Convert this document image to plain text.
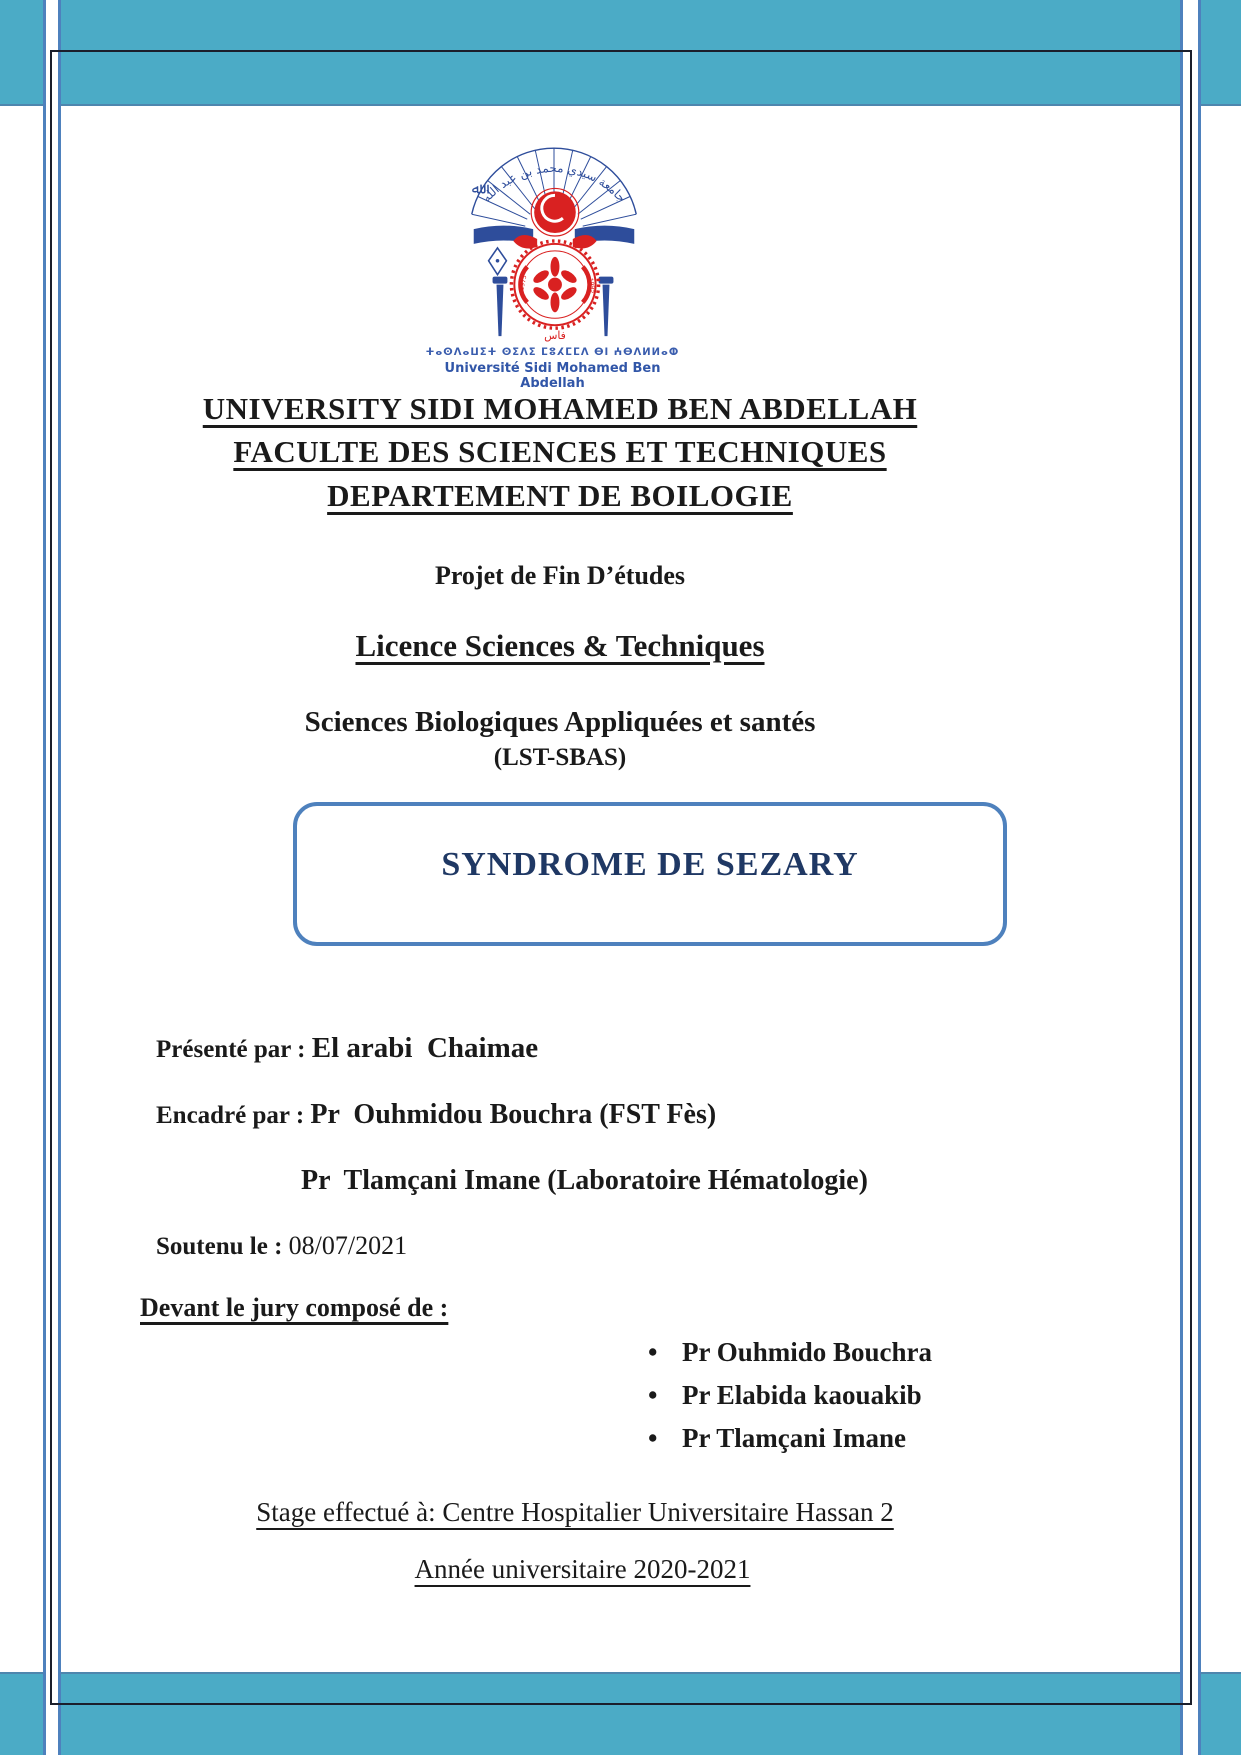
جامعة سيدي محمد بن عبد الله
ﷲ
1975	1995
فاس
ⵜⴰⵙⴷⴰⵡⵉⵜ ⵙⵉⴷⵉ ⵎⵓⵃⵎⵎⴷ ⴱⵏ ⵄⴱⴷⵍⵍⴰⵀ
Université Sidi Mohamed Ben Abdellah
UNIVERSITY SIDI MOHAMED BEN ABDELLAH
FACULTE DES SCIENCES ET TECHNIQUES
DEPARTEMENT DE BOILOGIE
Projet de Fin D’études
Licence Sciences & Techniques
Sciences Biologiques Appliquées et santés
(LST-SBAS)
SYNDROME DE SEZARY

Présenté par : El arabi  Chaimae

Encadré par : Pr  Ouhmidou Bouchra (FST Fès)

Pr  Tlamçani Imane (Laboratoire Hématologie)

Soutenu le : 08/07/2021

Devant le jury composé de :
•
Pr Ouhmido Bouchra
•
Pr Elabida kaouakib
•
Pr Tlamçani Imane
Stage effectué à: Centre Hospitalier Universitaire Hassan 2
Année universitaire 2020-2021
